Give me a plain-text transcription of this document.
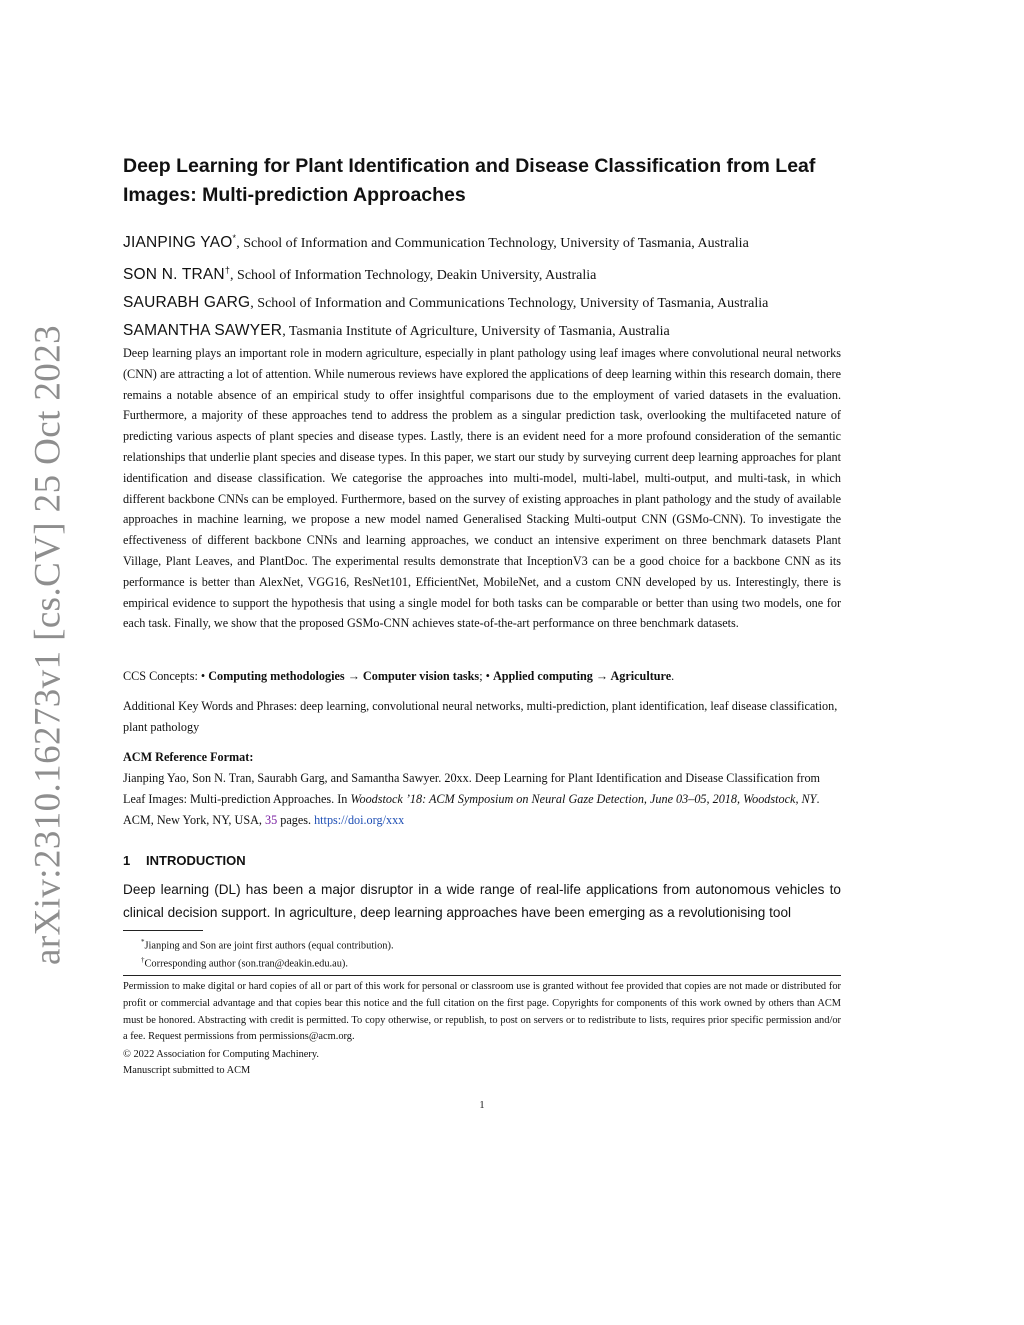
arXiv:2310.16273v1 [cs.CV] 25 Oct 2023
Deep Learning for Plant Identification and Disease Classification from Leaf Images: Multi-prediction Approaches
JIANPING YAO*, School of Information and Communication Technology, University of Tasmania, Australia
SON N. TRAN†, School of Information Technology, Deakin University, Australia
SAURABH GARG, School of Information and Communications Technology, University of Tasmania, Australia
SAMANTHA SAWYER, Tasmania Institute of Agriculture, University of Tasmania, Australia

Deep learning plays an important role in modern agriculture, especially in plant pathology using leaf images where convolutional neural networks (CNN) are attracting a lot of attention. While numerous reviews have explored the applications of deep learning within this research domain, there remains a notable absence of an empirical study to offer insightful comparisons due to the employment of varied datasets in the evaluation. Furthermore, a majority of these approaches tend to address the problem as a singular prediction task, overlooking the multifaceted nature of predicting various aspects of plant species and disease types. Lastly, there is an evident need for a more profound consideration of the semantic relationships that underlie plant species and disease types. In this paper, we start our study by surveying current deep learning approaches for plant identification and disease classification. We categorise the approaches into multi-model, multi-label, multi-output, and multi-task, in which different backbone CNNs can be employed. Furthermore, based on the survey of existing approaches in plant pathology and the study of available approaches in machine learning, we propose a new model named Generalised Stacking Multi-output CNN (GSMo-CNN). To investigate the effectiveness of different backbone CNNs and learning approaches, we conduct an intensive experiment on three benchmark datasets Plant Village, Plant Leaves, and PlantDoc. The experimental results demonstrate that InceptionV3 can be a good choice for a backbone CNN as its performance is better than AlexNet, VGG16, ResNet101, EfficientNet, MobileNet, and a custom CNN developed by us. Interestingly, there is empirical evidence to support the hypothesis that using a single model for both tasks can be comparable or better than using two models, one for each task. Finally, we show that the proposed GSMo-CNN achieves state-of-the-art performance on three benchmark datasets.

CCS Concepts: • Computing methodologies → Computer vision tasks; • Applied computing → Agriculture.
Additional Key Words and Phrases: deep learning, convolutional neural networks, multi-prediction, plant identification, leaf disease classification, plant pathology
ACM Reference Format:
Jianping Yao, Son N. Tran, Saurabh Garg, and Samantha Sawyer. 20xx. Deep Learning for Plant Identification and Disease Classification from Leaf Images: Multi-prediction Approaches. In Woodstock ’18: ACM Symposium on Neural Gaze Detection, June 03–05, 2018, Woodstock, NY. ACM, New York, NY, USA, 35 pages. https://doi.org/xxx
1 INTRODUCTION

Deep learning (DL) has been a major disruptor in a wide range of real-life applications from autonomous vehicles to clinical decision support. In agriculture, deep learning approaches have been emerging as a revolutionising tool

*Jianping and Son are joint first authors (equal contribution).
†Corresponding author (son.tran@deakin.edu.au).

Permission to make digital or hard copies of all or part of this work for personal or classroom use is granted without fee provided that copies are not made or distributed for profit or commercial advantage and that copies bear this notice and the full citation on the first page. Copyrights for components of this work owned by others than ACM must be honored. Abstracting with credit is permitted. To copy otherwise, or republish, to post on servers or to redistribute to lists, requires prior specific permission and/or a fee. Request permissions from permissions@acm.org.

© 2022 Association for Computing Machinery.
Manuscript submitted to ACM
1
